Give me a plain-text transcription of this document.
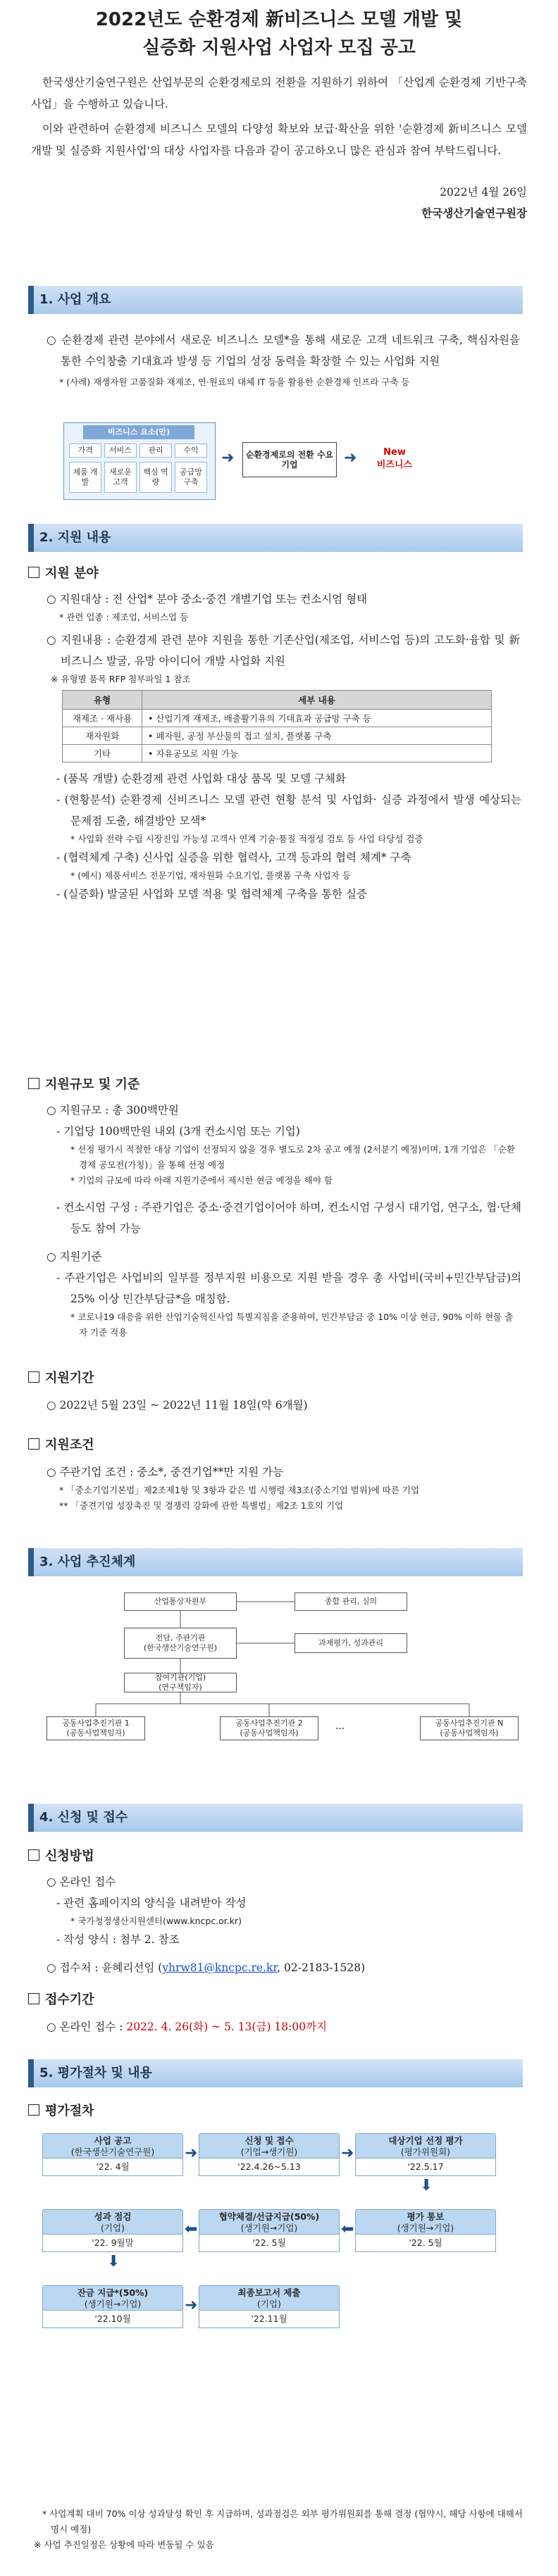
2022년도 순환경제 新비즈니스 모델 개발 및
실증화 지원사업 사업자 모집 공고

한국생산기술연구원은 산업부문의 순환경제로의 전환을 지원하기 위하여 「산업계 순환경제 기반구축사업」을 수행하고 있습니다.

이와 관련하여 순환경제 비즈니스 모델의 다양성 확보와 보급·확산을 위한 '순환경제 新비즈니스 모델 개발 및 실증화 지원사업'의 대상 사업자를 다음과 같이 공고하오니 많은 관심과 참여 부탁드립니다.

2022년 4월 26일
한국생산기술연구원장
1. 사업 개요
○ 순환경제 관련 분야에서 새로운 비즈니스 모델*을 통해 새로운 고객 네트워크 구축, 핵심자원을 통한 수익창출 기대효과 발생 등 기업의 성장 동력을 확장할 수 있는 사업화 지원
* (사례) 재생자원 고품질화 재제조, 연·원료의 대체 IT 등을 활용한 순환경제 인프라 구축 등
비즈니스 요소(안)
가격	서비스	관리	수익
제품 개발
새로운 고객
핵심 역량
공급망 구축
➜	순환경제로의 전환 수요기업	➜	New
비즈니스
2. 지원 내용
지원 분야
○ 지원대상 : 전 산업* 분야 중소·중견 개별기업 또는 컨소시엄 형태
* 관련 업종 : 제조업, 서비스업 등
○ 지원내용 : 순환경제 관련 분야 지원을 통한 기존산업(제조업, 서비스업 등)의 고도화·융합 및 新 비즈니스 발굴, 유망 아이디어 개발 사업화 지원
※ 유형별 품목 RFP 첨부파일 1 참조
유형	세부 내용
재제조 · 재사용	• 산업기계 재제조, 배출활기유의 기대효과 공급망 구축 등
재자원화	• 폐자원, 공정 부산물의 접고 설치, 플랫폼 구축
기타	• 자유공모로 지원 가능
- (품목 개발) 순환경제 관련 사업화 대상 품목 및 모델 구체화
- (현황분석) 순환경제 신비즈니스 모델 관련 현황 분석 및 사업화· 실증 과정에서 발생 예상되는 문제점 도출, 해결방안 모색*
* 사업화 전략 수립 시장진입 가능성 고객사 연계 기술·품질 적정성 검토 등 사업 타당성 검증
- (협력체계 구축) 신사업 실증을 위한 협력사, 고객 등과의 협력 체계* 구축
* (예시) 제품서비스 전문기업, 재자원화 수요기업, 플랫폼 구축 사업자 등
- (실증화) 발굴된 사업화 모델 적용 및 협력체계 구축을 통한 실증
지원규모 및 기준
○ 지원규모 : 총 300백만원
- 기업당 100백만원 내외 (3개 컨소시엄 또는 기업)
* 선정 평가시 적절한 대상 기업이 선정되지 않을 경우 별도로 2차 공고 예정 (2서분기 예정)이며, 1개 기업은 「순환경제 공모전(가칭)」을 통해 선정 예정
* 기업의 규모에 따라 아래 지원기준에서 제시한 현금 예정을 해야 함
- 컨소시엄 구성 : 주관기업은 중소·중견기업이어야 하며, 컨소시엄 구성시 대기업, 연구소, 협·단체 등도 참여 가능
○ 지원기준
- 주관기업은 사업비의 일부를 정부지원 비용으로 지원 받을 경우 총 사업비(국비+민간부담금)의 25% 이상 민간부담금*을 매칭함.
* 코로나19 대응을 위한 산업기술혁신사업 특별지침을 준용하여, 민간부담금 중 10% 이상 현금, 90% 이하 현물 출자 기준 적용
지원기간
○ 2022년 5월 23일 ~ 2022년 11월 18일(약 6개월)
지원조건
○ 주관기업 조건 : 중소*, 중견기업**만 지원 가능
* 「중소기업기본법」제2조제1항 및 3항과 같은 법 시행령 제3조(중소기업 범위)에 따른 기업
** 「중견기업 성장촉진 및 경쟁력 강화에 관한 특별법」제2조 1호의 기업
3. 사업 추진체계
산업통상자원부	종합 관리, 심의
전담, 주관기관
(한국생산기술연구원)
과제평가, 성과관리
참여기관(기업)
(연구책임자)
공동사업추진기관 1
(공동사업책임자)
공동사업추진기관 2
(공동사업책임자)
...	공동사업추진기관 N
(공동사업책임자)
4. 신청 및 접수
신청방법
○ 온라인 접수
- 관련 홈페이지의 양식을 내려받아 작성
* 국가청정생산지원센터(www.kncpc.or.kr)
- 작성 양식 : 첨부 2. 참조
○ 접수처 : 윤혜리선임 (yhrw81@kncpc.re.kr, 02-2183-1528)
접수기간
○ 온라인 접수 : 2022. 4. 26(화) ~ 5. 13(금) 18:00까지
5. 평가절차 및 내용
평가절차
사업 공고
(한국생산기술연구원)
'22. 4월
신청 및 접수
(기업→생기원)
'22.4.26~5.13
대상기업 선정 평가
(평가위원회)
'22.5.17
평가 통보
(생기원→기업)
'22. 5월
협약체결/선급지급(50%)
(생기원→기업)
'22. 5월
성과 점검
(기업)
'22. 9월말
잔금 지급*(50%)
(생기원→기업)
'22.10월
최종보고서 제출
(기업)
'22.11월
➜	➜
⬇
⬅
⬅
⬇
➜
* 사업계획 대비 70% 이상 성과달성 확인 후 지급하며, 성과점검은 외부 평가위원회를 통해 결정 (협약시, 해당 사항에 대해서 명시 예정)
※ 사업 추진일정은 상황에 따라 변동될 수 있음
